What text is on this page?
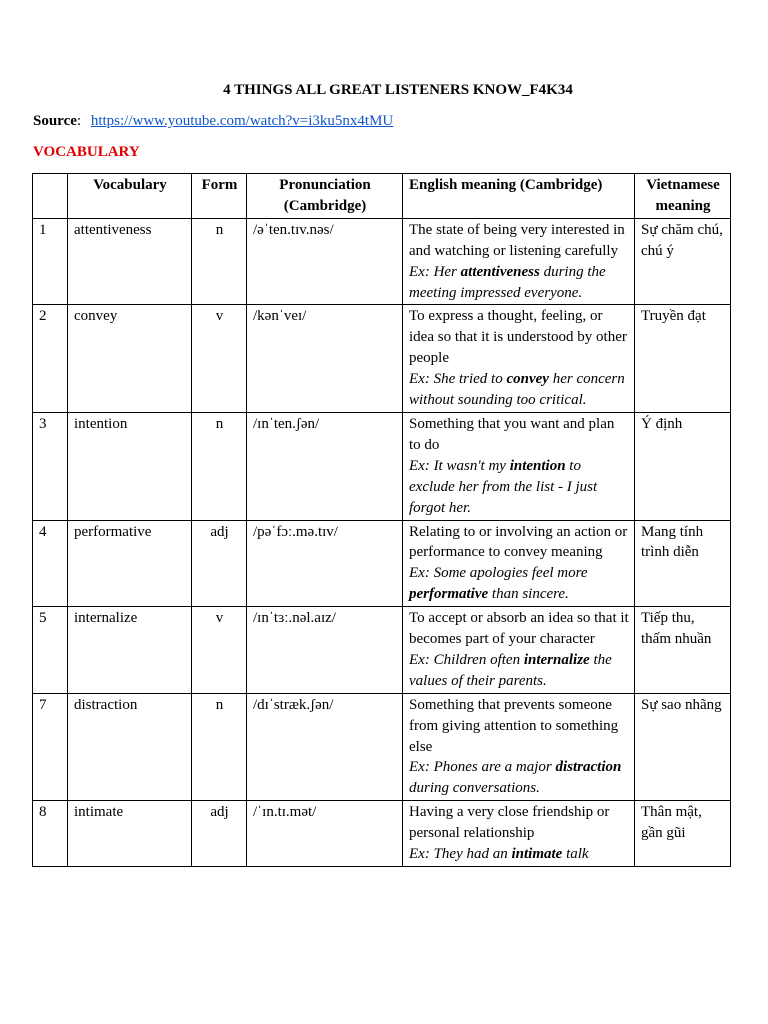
4 THINGS ALL GREAT LISTENERS KNOW_F4K34
Source: https://www.youtube.com/watch?v=i3ku5nx4tMU
VOCABULARY
	Vocabulary	Form	Pronunciation (Cambridge)	English meaning (Cambridge)	Vietnamese meaning
1	attentiveness	n	/əˈten.tɪv.nəs/	The state of being very interested in and watching or listening carefully
Ex: Her attentiveness during the meeting impressed everyone.	Sự chăm chú, chú ý
2	convey	v	/kənˈveɪ/	To express a thought, feeling, or idea so that it is understood by other people
Ex: She tried to convey her concern without sounding too critical.	Truyền đạt
3	intention	n	/ɪnˈten.ʃən/	Something that you want and plan to do
Ex: It wasn't my intention to exclude her from the list - I just forgot her.	Ý định
4	performative	adj	/pəˈfɔː.mə.tɪv/	Relating to or involving an action or performance to convey meaning
Ex: Some apologies feel more performative than sincere.	Mang tính trình diễn
5	internalize	v	/ɪnˈtɜː.nəl.aɪz/	To accept or absorb an idea so that it becomes part of your character
Ex: Children often internalize the values of their parents.	Tiếp thu, thấm nhuần
7	distraction	n	/dɪˈstræk.ʃən/	Something that prevents someone from giving attention to something else
Ex: Phones are a major distraction during conversations.	Sự sao nhãng
8	intimate	adj	/ˈɪn.tɪ.mət/	Having a very close friendship or personal relationship
Ex: They had an intimate talk	Thân mật, gần gũi
